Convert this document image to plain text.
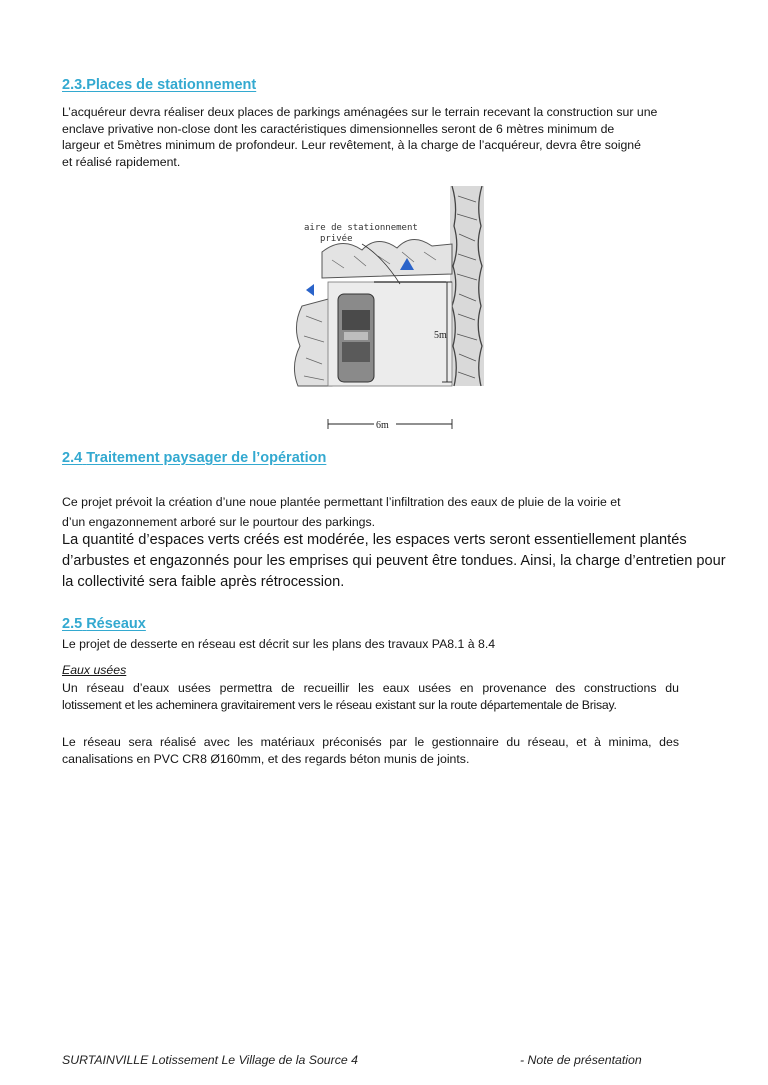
2.3.Places de stationnement
L’acquéreur devra réaliser deux places de parkings aménagées sur le terrain recevant la construction sur une
enclave privative non-close dont les caractéristiques dimensionnelles seront de 6 mètres minimum de
largeur et 5mètres minimum de profondeur. Leur revêtement, à la charge de l’acquéreur, devra être soigné
et réalisé rapidement.
aire de stationnement
privée
5m
6m
2.4 Traitement paysager de l’opération
Ce projet prévoit la création d’une noue plantée permettant l’infiltration des eaux de pluie de la voirie et
d’un engazonnement arboré sur le pourtour des parkings.
La quantité d’espaces verts créés est modérée, les espaces verts seront essentiellement plantés
d’arbustes et engazonnés pour les emprises qui peuvent être tondues. Ainsi, la charge d’entretien pour
la collectivité sera faible après rétrocession.
2.5 Réseaux
Le projet de desserte en réseau est décrit sur les plans des travaux PA8.1 à 8.4
Eaux usées
Un réseau d’eaux usées permettra de recueillir les eaux usées en provenance des constructions du
lotissement et les acheminera gravitairement vers le réseau existant sur la route départementale de Brisay.
Le réseau sera réalisé avec les matériaux préconisés par le gestionnaire du réseau, et à minima, des
canalisations en PVC CR8 Ø160mm, et des regards béton munis de joints.
SURTAINVILLE Lotissement Le Village de la Source 4	- Note de présentation
